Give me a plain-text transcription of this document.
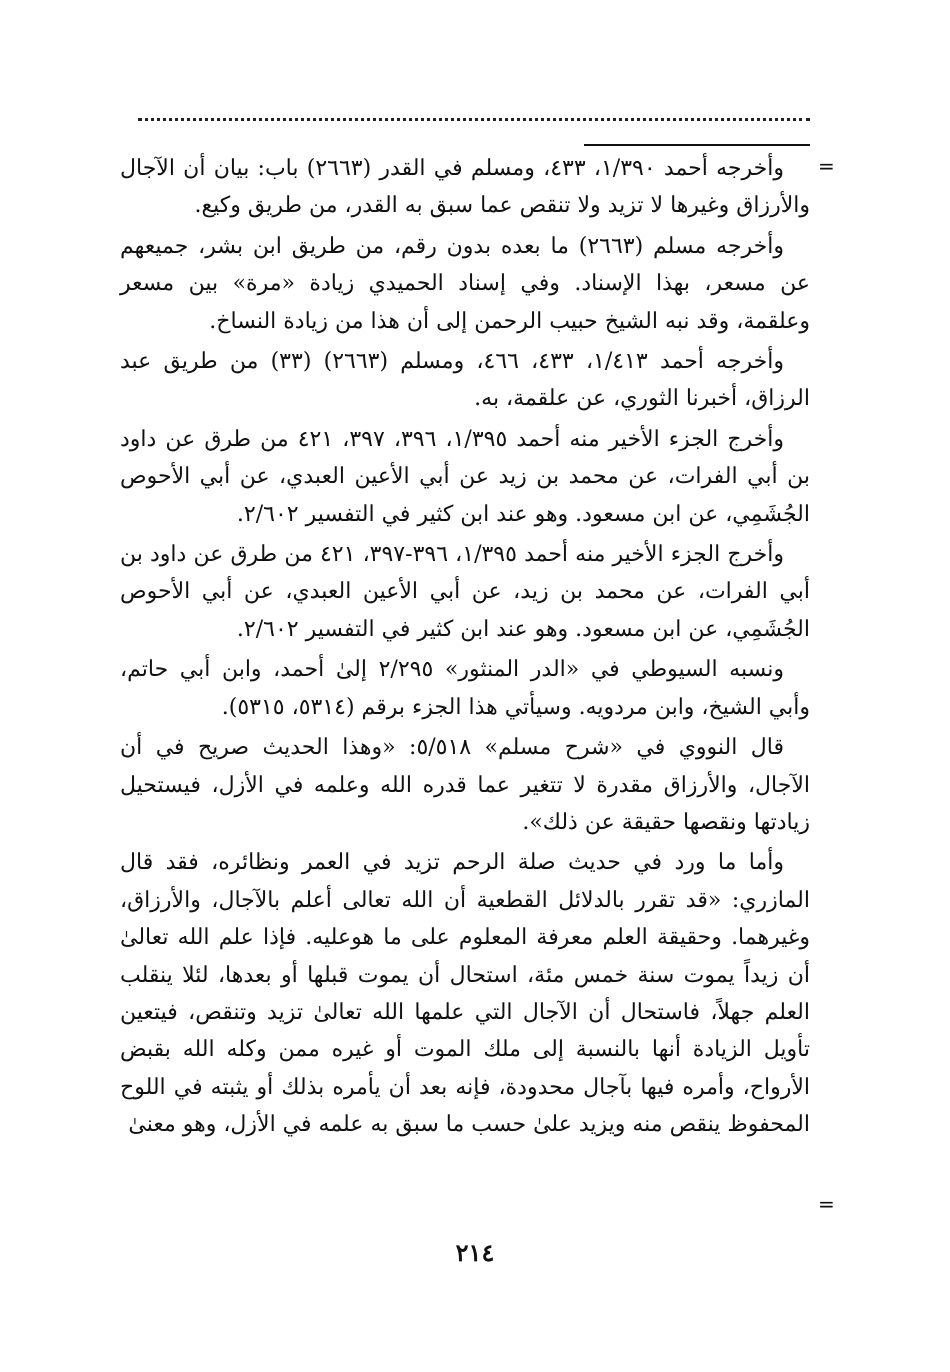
=

وأخرجه أحمد ١/٣٩٠، ٤٣٣، ومسلم في القدر (٢٦٦٣) باب: بيان أن الآجال والأرزاق وغيرها لا تزيد ولا تنقص عما سبق به القدر، من طريق وكيع.

وأخرجه مسلم (٢٦٦٣) ما بعده بدون رقم، من طريق ابن بشر، جميعهم عن مسعر، بهذا الإسناد. وفي إسناد الحميدي زيادة «مرة» بين مسعر وعلقمة، وقد نبه الشيخ حبيب الرحمن إلى أن هذا من زيادة النساخ.

وأخرجه أحمد ١/٤١٣، ٤٣٣، ٤٦٦، ومسلم (٢٦٦٣) (٣٣) من طريق عبد الرزاق، أخبرنا الثوري، عن علقمة، به.

وأخرج الجزء الأخير منه أحمد ١/٣٩٥، ٣٩٦، ٣٩٧، ٤٢١ من طرق عن داود بن أبي الفرات، عن محمد بن زيد عن أبي الأعين العبدي، عن أبي الأحوص الجُشَمِي، عن ابن مسعود. وهو عند ابن كثير في التفسير ٢/٦٠٢.

وأخرج الجزء الأخير منه أحمد ١/٣٩٥، ٣٩٦-٣٩٧، ٤٢١ من طرق عن داود بن أبي الفرات، عن محمد بن زيد، عن أبي الأعين العبدي، عن أبي الأحوص الجُشَمِي، عن ابن مسعود. وهو عند ابن كثير في التفسير ٢/٦٠٢.

ونسبه السيوطي في «الدر المنثور» ٢/٢٩٥ إلىٰ أحمد، وابن أبي حاتم، وأبي الشيخ، وابن مردويه. وسيأتي هذا الجزء برقم (٥٣١٤، ٥٣١٥).

قال النووي في «شرح مسلم» ٥/٥١٨: «وهذا الحديث صريح في أن الآجال، والأرزاق مقدرة لا تتغير عما قدره الله وعلمه في الأزل، فيستحيل زيادتها ونقصها حقيقة عن ذلك».

وأما ما ورد في حديث صلة الرحم تزيد في العمر ونظائره، فقد قال المازري: «قد تقرر بالدلائل القطعية أن الله تعالى أعلم بالآجال، والأرزاق، وغيرهما. وحقيقة العلم معرفة المعلوم على ما هوعليه. فإذا علم الله تعالىٰ أن زيداً يموت سنة خمس مئة، استحال أن يموت قبلها أو بعدها، لئلا ينقلب العلم جهلاً، فاستحال أن الآجال التي علمها الله تعالىٰ تزيد وتنقص، فيتعين تأويل الزيادة أنها بالنسبة إلى ملك الموت أو غيره ممن وكله الله بقبض الأرواح، وأمره فيها بآجال محدودة، فإنه بعد أن يأمره بذلك أو يثبته في اللوح المحفوظ ينقص منه ويزيد علىٰ حسب ما سبق به علمه في الأزل، وهو معنىٰ

=
٢١٤
